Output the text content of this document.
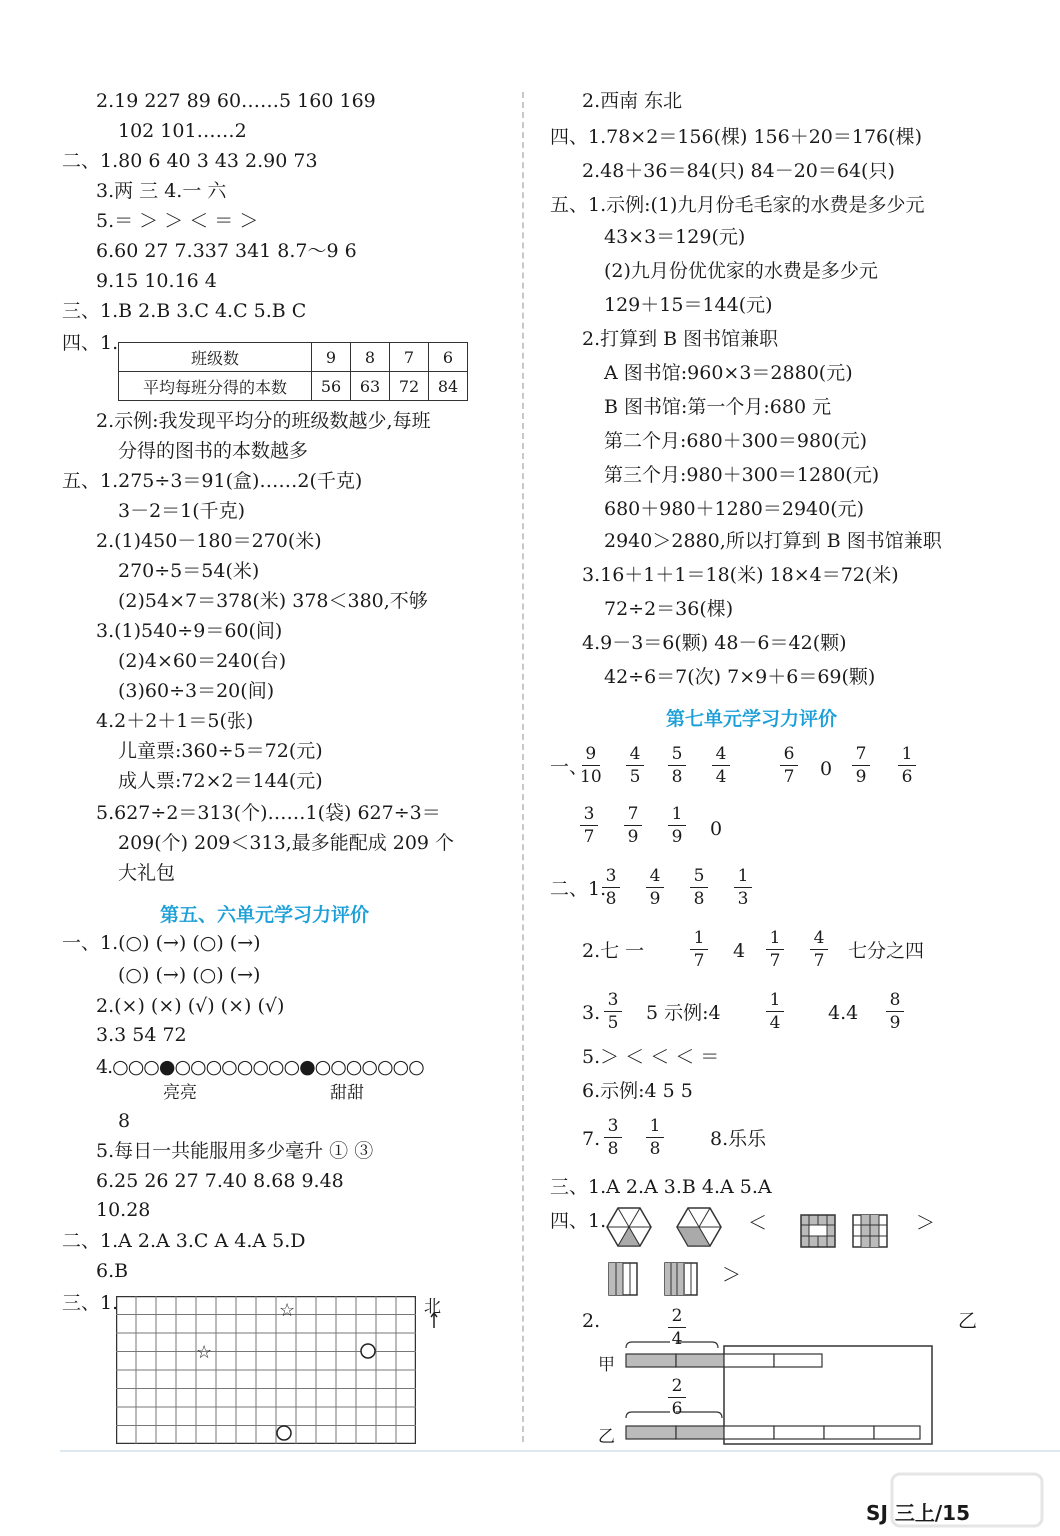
2.19 227 89 60……5 160 169
102 101……2
二、1.80 6 40 3 43 2.90 73
3.两 三 4.一 六
5.＝ ＞ ＞ ＜ ＝ ＞
6.60 27 7.337 341 8.7～9 6
9.15 10.16 4
三、1.B 2.B 3.C 4.C 5.B C
四、1.
班级数	9	8	7	6
平均每班分得的本数	56	63	72	84
2.示例:我发现平均分的班级数越少,每班
分得的图书的本数越多
五、1.275÷3＝91(盒)……2(千克)
3－2＝1(千克)
2.(1)450－180＝270(米)
270÷5＝54(米)
(2)54×7＝378(米) 378＜380,不够
3.(1)540÷9＝60(间)
(2)4×60＝240(台)
(3)60÷3＝20(间)
4.2＋2＋1＝5(张)
儿童票:360÷5＝72(元)
成人票:72×2＝144(元)
5.627÷2＝313(个)……1(袋) 627÷3＝
209(个) 209＜313,最多能配成 209 个
大礼包
第五、六单元学习力评价
一、1.(○) (→) (○) (→)
(○) (→) (○) (→)
2.(×) (×) (√) (×) (√)
3.3 54 72
4.○○○●○○○○○○○○●○○○○○○○
亮亮	甜甜
8
5.每日一共能服用多少毫升 ① ③
6.25 26 27 7.40 8.68 9.48
10.28
二、1.A 2.A 3.C A 4.A 5.D
6.B
三、1.	☆
☆
北
2.西南 东北
四、1.78×2＝156(棵) 156＋20＝176(棵)
2.48＋36＝84(只) 84－20＝64(只)
五、1.示例:(1)九月份毛毛家的水费是多少元
43×3＝129(元)
(2)九月份优优家的水费是多少元
129＋15＝144(元)
2.打算到 B 图书馆兼职
A 图书馆:960×3＝2880(元)
B 图书馆:第一个月:680 元
第二个月:680＋300＝980(元)
第三个月:980＋300＝1280(元)
680＋980＋1280＝2940(元)
2940＞2880,所以打算到 B 图书馆兼职
3.16＋1＋1＝18(米) 18×4＝72(米)
72÷2＝36(棵)
4.9－3＝6(颗) 48－6＝42(颗)
42÷6＝7(次) 7×9＋6＝69(颗)
第七单元学习力评价
一、	0
0
二、1.
2.七 一	4	七分之四
3. 5 示例:4	4.4
5.＞ ＜ ＜ ＜ ＝
6.示例:4 5 5
7.	8.乐乐
三、1.A 2.A 3.B 4.A 5.A
四、1.	＜	＞
＞
2.	乙
甲
乙
SJ 三上/15
9
10
4
5
5
8
4
4
6
7
7
9
1
6
3
7
7
9
1
9
3
8
4
9
5
8
1
3
1
7
1
7
4
7
3
5
1
4
8
9
3
8
1
8
2
4
2
6
